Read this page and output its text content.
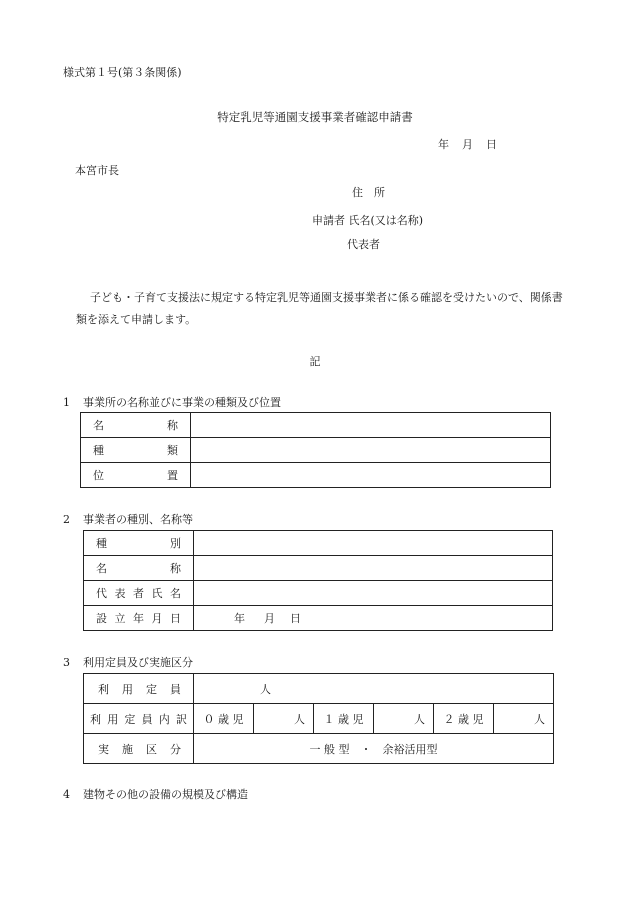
様式第１号(第３条関係)
特定乳児等通園支援事業者確認申請書
年 月 日
本宮市長
住　所
申請者 氏名(又は名称)
代表者
子ども・子育て支援法に規定する特定乳児等通園支援事業者に係る確認を受けたいので、関係書類を添えて申請します。
記
1 事業所の名称並びに事業の種類及び位置
名　　　　称	
種　　　　類	
位　　　　置	
2 事業者の種別、名称等
種　　　　別	
名　　　　称	
代表者氏名	
設立年月日	年 月 日
3 利用定員及び実施区分
利用定員	人					
利用定員内訳	０ 歳 児	人	１ 歳 児	人	２ 歳 児	人
実施区分	一 般 型　・　余裕活用型					
4 建物その他の設備の規模及び構造
